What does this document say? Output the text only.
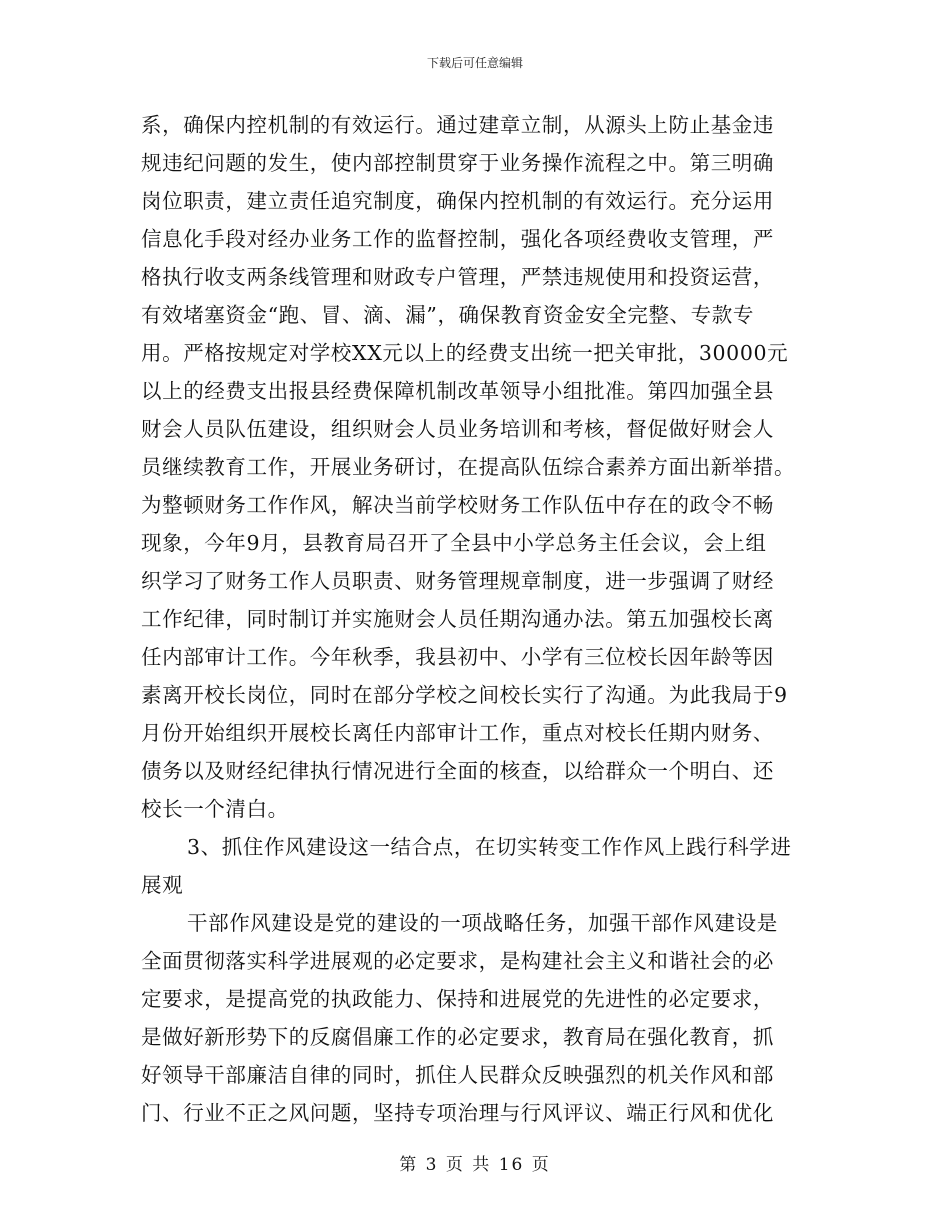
下载后可任意编辑
系，确保内控机制的有效运行。通过建章立制，从源头上防止基金违
规违纪问题的发生，使内部控制贯穿于业务操作流程之中。第三明确
岗位职责，建立责任追究制度，确保内控机制的有效运行。充分运用
信息化手段对经办业务工作的监督控制，强化各项经费收支管理，严
格执行收支两条线管理和财政专户管理，严禁违规使用和投资运营，
有效堵塞资金“跑、冒、滴、漏”，确保教育资金安全完整、专款专
用。严格按规定对学校XX元以上的经费支出统一把关审批，30000元
以上的经费支出报县经费保障机制改革领导小组批准。第四加强全县
财会人员队伍建设，组织财会人员业务培训和考核，督促做好财会人
员继续教育工作，开展业务研讨，在提高队伍综合素养方面出新举措。
为整顿财务工作作风，解决当前学校财务工作队伍中存在的政令不畅
现象，今年9月，县教育局召开了全县中小学总务主任会议，会上组
织学习了财务工作人员职责、财务管理规章制度，进一步强调了财经
工作纪律，同时制订并实施财会人员任期沟通办法。第五加强校长离
任内部审计工作。今年秋季，我县初中、小学有三位校长因年龄等因
素离开校长岗位，同时在部分学校之间校长实行了沟通。为此我局于9
月份开始组织开展校长离任内部审计工作，重点对校长任期内财务、
债务以及财经纪律执行情况进行全面的核查，以给群众一个明白、还
校长一个清白。
3、抓住作风建设这一结合点，在切实转变工作作风上践行科学进
展观
干部作风建设是党的建设的一项战略任务，加强干部作风建设是
全面贯彻落实科学进展观的必定要求，是构建社会主义和谐社会的必
定要求，是提高党的执政能力、保持和进展党的先进性的必定要求，
是做好新形势下的反腐倡廉工作的必定要求，教育局在强化教育，抓
好领导干部廉洁自律的同时，抓住人民群众反映强烈的机关作风和部
门、行业不正之风问题，坚持专项治理与行风评议、端正行风和优化
第 3 页 共 16 页
